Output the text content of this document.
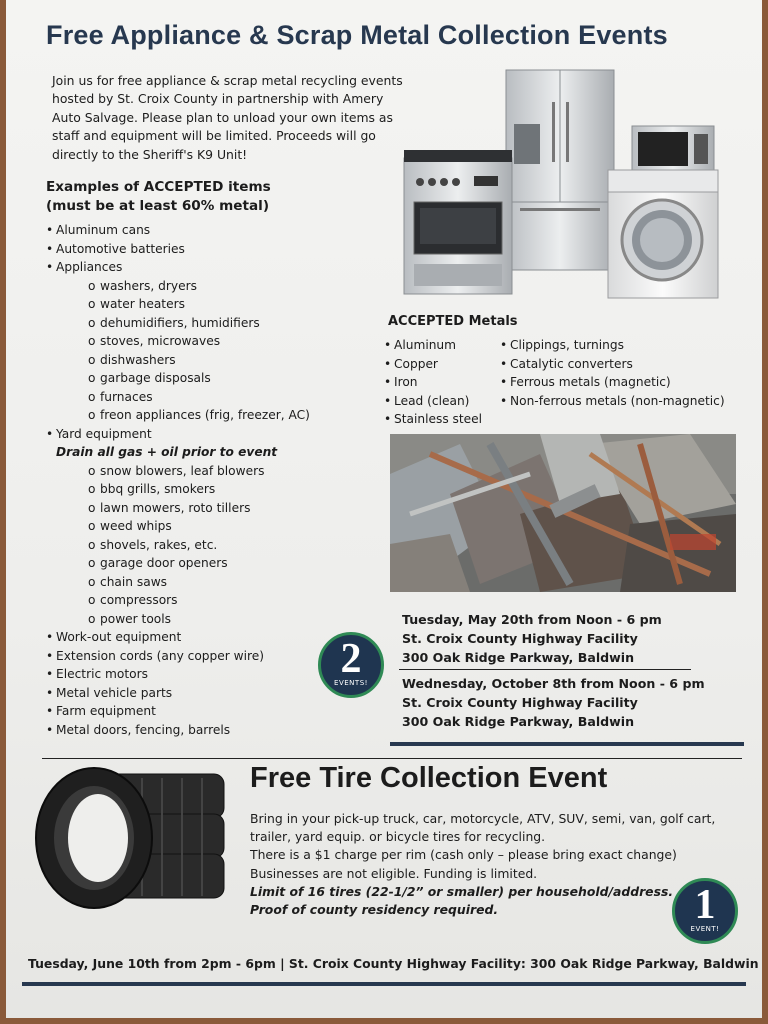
Free Appliance & Scrap Metal Collection Events
Join us for free appliance & scrap metal recycling events hosted by St. Croix County in partnership with Amery Auto Salvage. Please plan to unload your own items as staff and equipment will be limited. Proceeds will go directly to the Sheriff's K9 Unit!
Examples of ACCEPTED items
(must be at least 60% metal)
• Aluminum cans
• Automotive batteries
• Appliances
o washers, dryers
o water heaters
o dehumidifiers, humidifiers
o stoves, microwaves
o dishwashers
o garbage disposals
o furnaces
o freon appliances (frig, freezer, AC)
• Yard equipment
Drain all gas + oil prior to event
o snow blowers, leaf blowers
o bbq grills, smokers
o lawn mowers, roto tillers
o weed whips
o shovels, rakes, etc.
o garage door openers
o chain saws
o compressors
o power tools
• Work-out equipment
• Extension cords (any copper wire)
• Electric motors
• Metal vehicle parts
• Farm equipment
• Metal doors, fencing, barrels
ACCEPTED Metals
• Aluminum
• Copper
• Iron
• Lead (clean)
• Stainless steel
• Clippings, turnings
• Catalytic converters
• Ferrous metals (magnetic)
• Non-ferrous metals (non-magnetic)
Tuesday, May 20th from Noon - 6 pm
St. Croix County Highway Facility
300 Oak Ridge Parkway, Baldwin
Wednesday, October 8th from Noon - 6 pm
St. Croix County Highway Facility
300 Oak Ridge Parkway, Baldwin
2
EVENTS!
Free Tire Collection Event
Bring in your pick-up truck, car, motorcycle, ATV, SUV, semi, van, golf cart,
trailer, yard equip. or bicycle tires for recycling.
There is a $1 charge per rim (cash only – please bring exact change)
Businesses are not eligible. Funding is limited.
Limit of 16 tires (22-1/2” or smaller) per household/address.
Proof of county residency required.	1
EVENT!
Tuesday, June 10th from 2pm - 6pm | St. Croix County Highway Facility: 300 Oak Ridge Parkway, Baldwin
